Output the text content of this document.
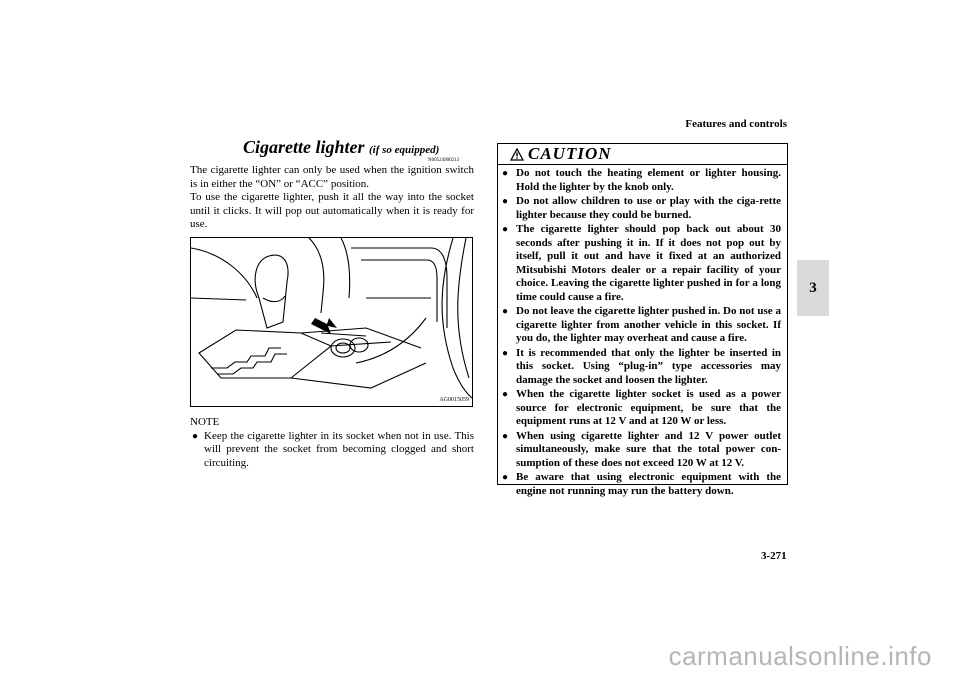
Features and controls
3
Cigarette lighter (if so equipped)
N00524900213

The cigarette lighter can only be used when the ignition switch is in either the “ON” or “ACC” position.

To use the cigarette lighter, push it all the way into the socket until it clicks. It will pop out automatically when it is ready for use.

AG0015059
NOTE
● Keep the cigarette lighter in its socket when not in use. This will prevent the socket from becoming clogged and short circuiting.
CAUTION
● Do not touch the heating element or lighter housing. Hold the lighter by the knob only.
● Do not allow children to use or play with the ciga-rette lighter because they could be burned.
● The cigarette lighter should pop back out about 30 seconds after pushing it in. If it does not pop out by itself, pull it out and have it fixed at an authorized Mitsubishi Motors dealer or a repair facility of your choice. Leaving the cigarette lighter pushed in for a long time could cause a fire.
● Do not leave the cigarette lighter pushed in. Do not use a cigarette lighter from another vehicle in this socket. If you do, the lighter may overheat and cause a fire.
● It is recommended that only the lighter be inserted in this socket. Using “plug-in” type accessories may damage the socket and loosen the lighter.
● When the cigarette lighter socket is used as a power source for electronic equipment, be sure that the equipment runs at 12 V and at 120 W or less.
● When using cigarette lighter and 12 V power outlet simultaneously, make sure that the total power con-sumption of these does not exceed 120 W at 12 V.
● Be aware that using electronic equipment with the engine not running may run the battery down.
3-271
carmanualsonline.info
